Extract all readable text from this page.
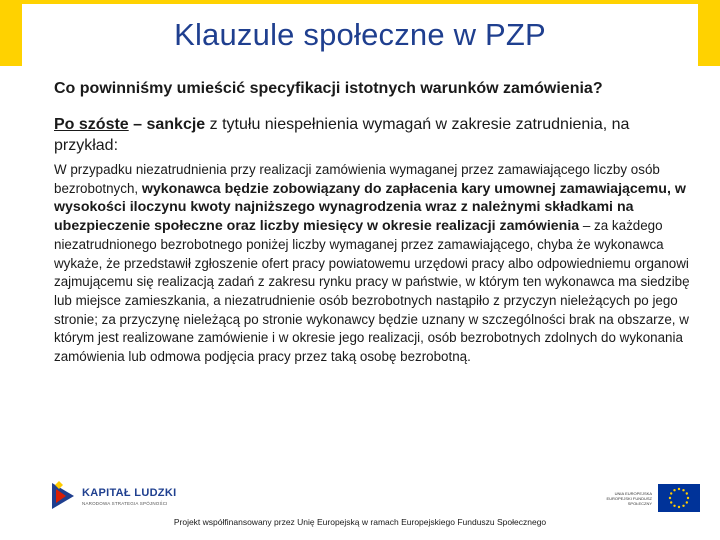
Klauzule społeczne w PZP
Co powinniśmy umieścić specyfikacji istotnych warunków zamówienia?
Po szóste – sankcje z tytułu niespełnienia wymagań w zakresie zatrudnienia, na przykład:
W przypadku niezatrudnienia przy realizacji zamówienia wymaganej przez zamawiającego liczby osób bezrobotnych, wykonawca będzie zobowiązany do zapłacenia kary umownej zamawiającemu, w wysokości iloczynu kwoty najniższego wynagrodzenia wraz z należnymi składkami na ubezpieczenie społeczne oraz liczby miesięcy w okresie realizacji zamówienia – za każdego niezatrudnionego bezrobotnego poniżej liczby wymaganej przez zamawiającego, chyba że wykonawca wykaże, że przedstawił zgłoszenie ofert pracy powiatowemu urzędowi pracy albo odpowiedniemu organowi zajmującemu się realizacją zadań z zakresu rynku pracy w państwie, w którym ten wykonawca ma siedzibę lub miejsce zamieszkania, a niezatrudnienie osób bezrobotnych nastąpiło z przyczyn nieleżących po jego stronie; za przyczynę nieleżącą po stronie wykonawcy będzie uznany w szczególności brak na obszarze, w którym jest realizowane zamówienie i w okresie jego realizacji, osób bezrobotnych zdolnych do wykonania zamówienia lub odmowa podjęcia pracy przez taką osobę bezrobotną.
KAPITAŁ LUDZKI
NARODOWA STRATEGIA SPÓJNOŚCI
UNIA EUROPEJSKA EUROPEJSKI FUNDUSZ SPOŁECZNY
Projekt współfinansowany przez Unię Europejską w ramach Europejskiego Funduszu Społecznego
